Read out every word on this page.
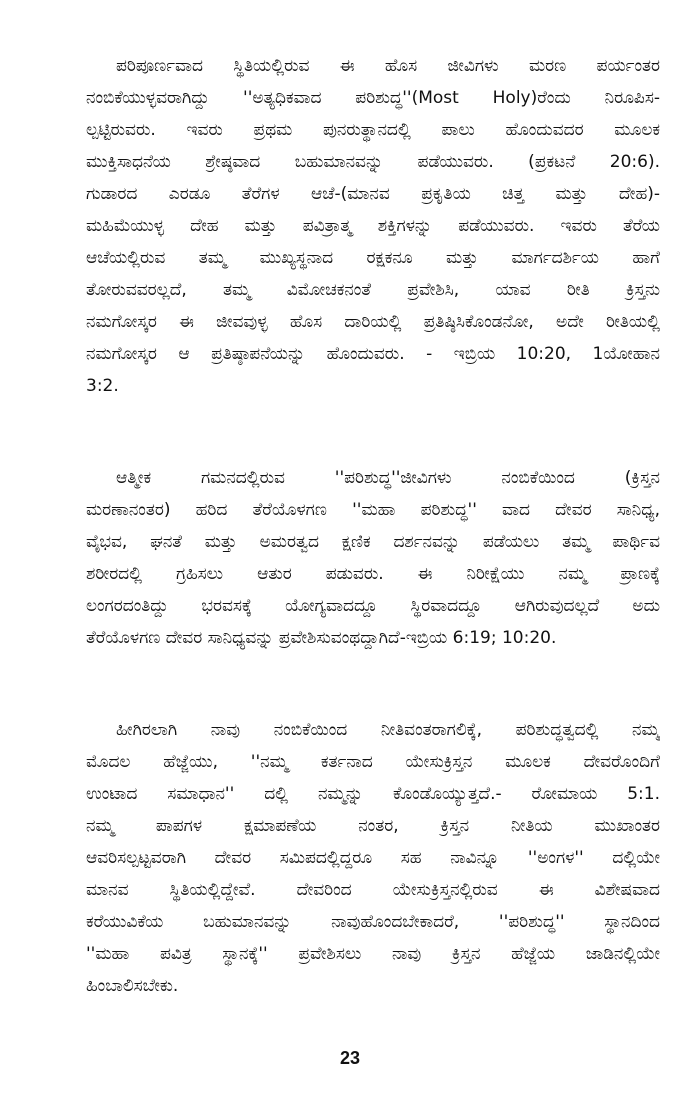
ಪರಿಪೂರ್ಣವಾದ ಸ್ಥಿತಿಯಲ್ಲಿರುವ ಈ ಹೊಸ ಜೀವಿಗಳು ಮರಣ ಪರ್ಯಂತರ
ನಂಬಿಕೆಯುಳ್ಳವರಾಗಿದ್ದು ''ಅತ್ಯಧಿಕವಾದ ಪರಿಶುದ್ಧ''(Most Holy)ರೆಂದು ನಿರೂಪಿಸ-
ಲ್ಪಟ್ಟಿರುವರು. ಇವರು ಪ್ರಥಮ ಪುನರುತ್ಥಾನದಲ್ಲಿ ಪಾಲು ಹೊಂದುವದರ ಮೂಲಕ
ಮುಕ್ತಿಸಾಧನೆಯ ಶ್ರೇಷ್ಠವಾದ ಬಹುಮಾನವನ್ನು ಪಡೆಯುವರು. (ಪ್ರಕಟನೆ 20:6).
ಗುಡಾರದ ಎರಡೂ ತೆರೆಗಳ ಆಚೆ-(ಮಾನವ ಪ್ರಕೃತಿಯ ಚಿತ್ತ ಮತ್ತು ದೇಹ)-
ಮಹಿಮೆಯುಳ್ಳ ದೇಹ ಮತ್ತು ಪವಿತ್ರಾತ್ಮ ಶಕ್ತಿಗಳನ್ನು ಪಡೆಯುವರು. ಇವರು ತೆರೆಯ
ಆಚೆಯಲ್ಲಿರುವ ತಮ್ಮ ಮುಖ್ಯಸ್ಥನಾದ ರಕ್ಷಕನೂ ಮತ್ತು ಮಾರ್ಗದರ್ಶಿಯ ಹಾಗೆ
ತೋರುವವರಲ್ಲದೆ, ತಮ್ಮ ವಿಮೋಚಕನಂತೆ ಪ್ರವೇಶಿಸಿ, ಯಾವ ರೀತಿ ಕ್ರಿಸ್ತನು
ನಮಗೋಸ್ಕರ ಈ ಜೀವವುಳ್ಳ ಹೊಸ ದಾರಿಯಲ್ಲಿ ಪ್ರತಿಷ್ಠಿಸಿಕೊಂಡನೋ, ಅದೇ ರೀತಿಯಲ್ಲಿ
ನಮಗೋಸ್ಕರ ಆ ಪ್ರತಿಷ್ಠಾಪನೆಯನ್ನು ಹೊಂದುವರು. - ಇಬ್ರಿಯ 10:20, 1ಯೋಹಾನ
3:2.
ಆತ್ಮೀಕ ಗಮನದಲ್ಲಿರುವ ''ಪರಿಶುದ್ಧ''ಜೀವಿಗಳು ನಂಬಿಕೆಯಿಂದ (ಕ್ರಿಸ್ತನ
ಮರಣಾನಂತರ) ಹರಿದ ತೆರೆಯೊಳಗಣ ''ಮಹಾ ಪರಿಶುದ್ಧ'' ವಾದ ದೇವರ ಸಾನಿಧ್ಯ,
ವೈಭವ, ಘನತೆ ಮತ್ತು ಅಮರತ್ವದ ಕ್ಷಣಿಕ ದರ್ಶನವನ್ನು ಪಡೆಯಲು ತಮ್ಮ ಪಾರ್ಥಿವ
ಶರೀರದಲ್ಲಿ ಗ್ರಹಿಸಲು ಆತುರ ಪಡುವರು. ಈ ನಿರೀಕ್ಷೆಯು ನಮ್ಮ ಪ್ರಾಣಕ್ಕೆ
ಲಂಗರದಂತಿದ್ದು ಭರವಸಕ್ಕೆ ಯೋಗ್ಯವಾದದ್ದೂ ಸ್ಥಿರವಾದದ್ದೂ ಆಗಿರುವುದಲ್ಲದೆ ಅದು
ತೆರೆಯೊಳಗಣ ದೇವರ ಸಾನಿಧ್ಯವನ್ನು ಪ್ರವೇಶಿಸುವಂಥದ್ದಾಗಿದೆ-ಇಬ್ರಿಯ 6:19; 10:20.
ಹೀಗಿರಲಾಗಿ ನಾವು ನಂಬಿಕೆಯಿಂದ ನೀತಿವಂತರಾಗಲಿಕ್ಕೆ, ಪರಿಶುದ್ಧತ್ವದಲ್ಲಿ ನಮ್ಮ
ಮೊದಲ ಹೆಜ್ಜೆಯು, ''ನಮ್ಮ ಕರ್ತನಾದ ಯೇಸುಕ್ರಿಸ್ತನ ಮೂಲಕ ದೇವರೊಂದಿಗೆ
ಉಂಟಾದ ಸಮಾಧಾನ'' ದಲ್ಲಿ ನಮ್ಮನ್ನು ಕೊಂಡೊಯ್ಯುತ್ತದೆ.- ರೋಮಾಯ 5:1.
ನಮ್ಮ ಪಾಪಗಳ ಕ್ಷಮಾಪಣೆಯ ನಂತರ, ಕ್ರಿಸ್ತನ ನೀತಿಯ ಮುಖಾಂತರ
ಆವರಿಸಲ್ಪಟ್ಟವರಾಗಿ ದೇವರ ಸಮಿಪದಲ್ಲಿದ್ದರೂ ಸಹ ನಾವಿನ್ನೂ ''ಅಂಗಳ'' ದಲ್ಲಿಯೇ
ಮಾನವ ಸ್ಥಿತಿಯಲ್ಲಿದ್ದೇವೆ. ದೇವರಿಂದ ಯೇಸುಕ್ರಿಸ್ತನಲ್ಲಿರುವ ಈ ವಿಶೇಷವಾದ
ಕರೆಯುವಿಕೆಯ ಬಹುಮಾನವನ್ನು ನಾವುಹೊಂದಬೇಕಾದರೆ, ''ಪರಿಶುದ್ಧ'' ಸ್ಥಾನದಿಂದ
''ಮಹಾ ಪವಿತ್ರ ಸ್ಥಾನಕ್ಕೆ'' ಪ್ರವೇಶಿಸಲು ನಾವು ಕ್ರಿಸ್ತನ ಹೆಜ್ಜೆಯ ಜಾಡಿನಲ್ಲಿಯೇ
ಹಿಂಬಾಲಿಸಬೇಕು.
23
